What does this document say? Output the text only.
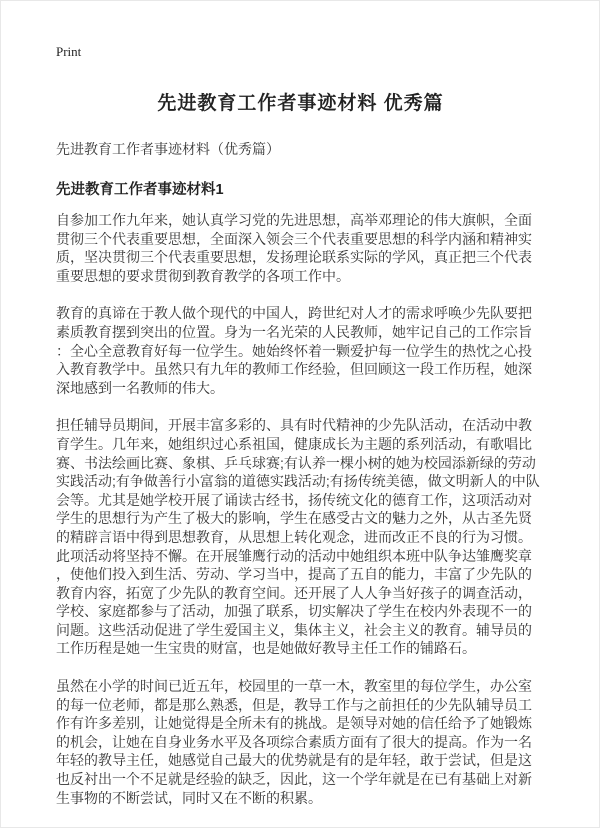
Print
先进教育工作者事迹材料 优秀篇
先进教育工作者事迹材料（优秀篇）
先进教育工作者事迹材料1

自参加工作九年来，她认真学习党的先进思想，高举邓理论的伟大旗帜，全面贯彻三个代表重要思想，全面深入领会三个代表重要思想的科学内涵和精神实质，坚决贯彻三个代表重要思想，发扬理论联系实际的学风，真正把三个代表重要思想的要求贯彻到教育教学的各项工作中。

教育的真谛在于教人做个现代的中国人，跨世纪对人才的需求呼唤少先队要把素质教育摆到突出的位置。身为一名光荣的人民教师，她牢记自己的工作宗旨：全心全意教育好每一位学生。她始终怀着一颗爱护每一位学生的热忱之心投入教育教学中。虽然只有九年的教师工作经验，但回顾这一段工作历程，她深深地感到一名教师的伟大。

担任辅导员期间，开展丰富多彩的、具有时代精神的少先队活动，在活动中教育学生。几年来，她组织过心系祖国，健康成长为主题的系列活动，有歌唱比赛、书法绘画比赛、象棋、乒乓球赛;有认养一棵小树的她为校园添新绿的劳动实践活动;有争做善行小富翁的道德实践活动;有扬传统美德，做文明新人的中队会等。尤其是她学校开展了诵读古经书，扬传统文化的德育工作，这项活动对学生的思想行为产生了极大的影响，学生在感受古文的魅力之外，从古圣先贤的精辟言语中得到思想教育，从思想上转化观念，进而改正不良的行为习惯。此项活动将坚持不懈。在开展雏鹰行动的活动中她组织本班中队争达雏鹰奖章，使他们投入到生活、劳动、学习当中，提高了五自的能力，丰富了少先队的教育内容，拓宽了少先队的教育空间。还开展了人人争当好孩子的调查活动，学校、家庭都参与了活动，加强了联系，切实解决了学生在校内外表现不一的问题。这些活动促进了学生爱国主义，集体主义，社会主义的教育。辅导员的工作历程是她一生宝贵的财富，也是她做好教导主任工作的铺路石。

虽然在小学的时间已近五年，校园里的一草一木，教室里的每位学生，办公室的每一位老师，都是那么熟悉，但是，教导工作与之前担任的少先队辅导员工作有许多差别，让她觉得是全所未有的挑战。是领导对她的信任给予了她锻炼的机会，让她在自身业务水平及各项综合素质方面有了很大的提高。作为一名年轻的教导主任，她感觉自己最大的优势就是有的是年轻，敢于尝试，但是这也反衬出一个不足就是经验的缺乏，因此，这一个学年就是在已有基础上对新生事物的不断尝试，同时又在不断的积累。
